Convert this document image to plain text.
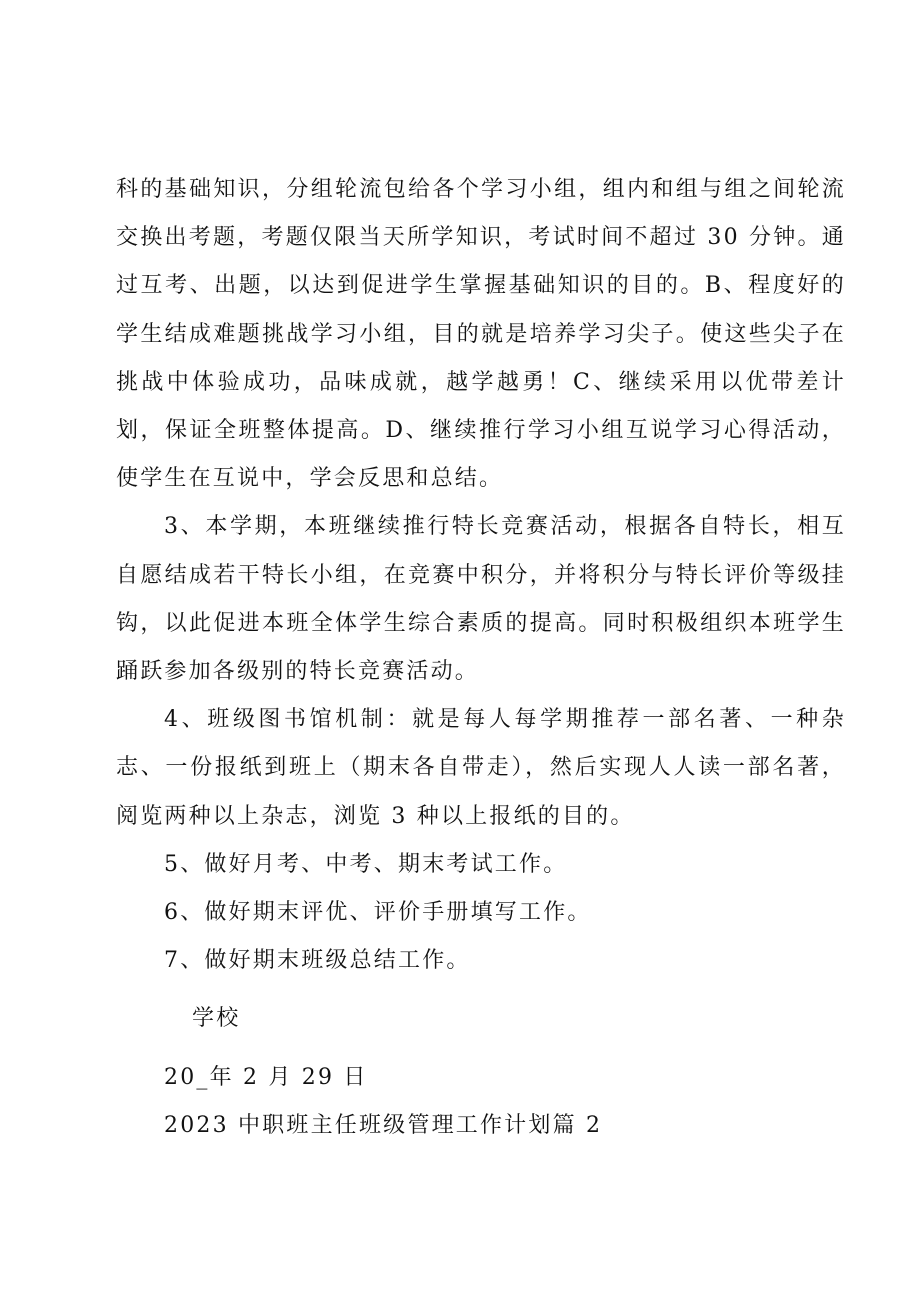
科的基础知识，分组轮流包给各个学习小组，组内和组与组之间轮流交换出考题，考题仅限当天所学知识，考试时间不超过 30 分钟。通过互考、出题，以达到促进学生掌握基础知识的目的。B、程度好的学生结成难题挑战学习小组，目的就是培养学习尖子。使这些尖子在挑战中体验成功，品味成就，越学越勇！C、继续采用以优带差计划，保证全班整体提高。D、继续推行学习小组互说学习心得活动，使学生在互说中，学会反思和总结。

3、本学期，本班继续推行特长竞赛活动，根据各自特长，相互自愿结成若干特长小组，在竞赛中积分，并将积分与特长评价等级挂钩，以此促进本班全体学生综合素质的提高。同时积极组织本班学生踊跃参加各级别的特长竞赛活动。

4、班级图书馆机制：就是每人每学期推荐一部名著、一种杂志、一份报纸到班上（期末各自带走），然后实现人人读一部名著，阅览两种以上杂志，浏览 3 种以上报纸的目的。

5、做好月考、中考、期末考试工作。

6、做好期末评优、评价手册填写工作。

7、做好期末班级总结工作。

学校

20_年 2 月 29 日

2023 中职班主任班级管理工作计划篇 2
